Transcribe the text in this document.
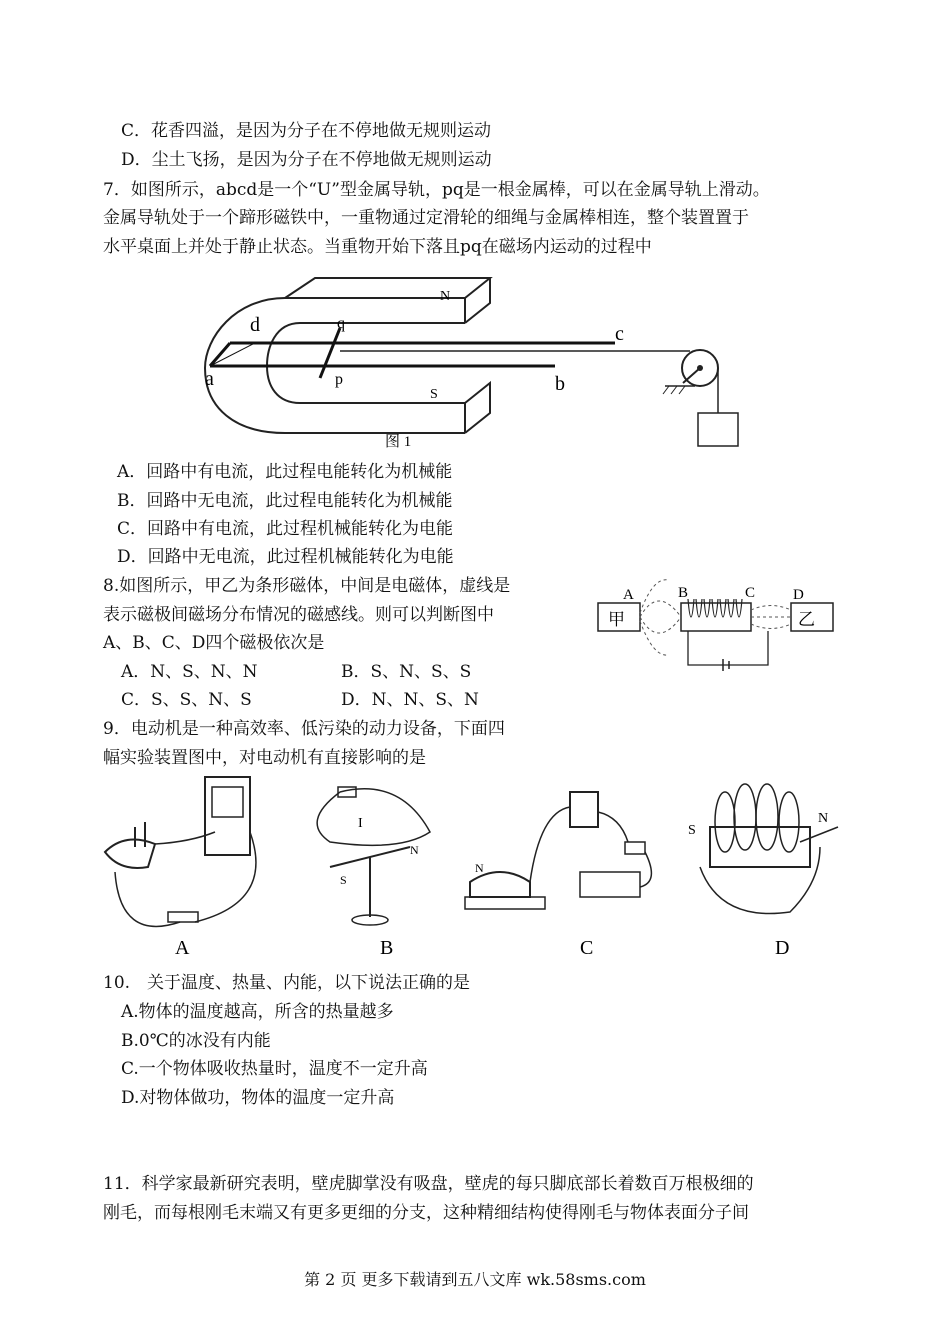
C．花香四溢，是因为分子在不停地做无规则运动
D．尘土飞扬，是因为分子在不停地做无规则运动
7．如图所示，abcd是一个“U”型金属导轨，pq是一根金属棒，可以在金属导轨上滑动。
金属导轨处于一个蹄形磁铁中，一重物通过定滑轮的细绳与金属棒相连，整个装置置于
水平桌面上并处于静止状态。当重物开始下落且pq在磁场内运动的过程中
d
a
c
b
q
p
N
S
图 1
A．回路中有电流，此过程电能转化为机械能
B．回路中无电流，此过程电能转化为机械能
C．回路中有电流，此过程机械能转化为电能
D．回路中无电流，此过程机械能转化为电能
8.如图所示，甲乙为条形磁体，中间是电磁体，虚线是
表示磁极间磁场分布情况的磁感线。则可以判断图中
A、B、C、D四个磁极依次是
A．N、S、N、N	B．S、N、S、S
C．S、S、N、S	D．N、N、S、N
甲	乙
A	B	C	D
9．电动机是一种高效率、低污染的动力设备，下面四
幅实验装置图中，对电动机有直接影响的是
A
I
S
N
B
N
C
S
N
D
10.　关于温度、热量、内能，以下说法正确的是
A.物体的温度越高，所含的热量越多
B.0℃的冰没有内能
C.一个物体吸收热量时，温度不一定升高
D.对物体做功，物体的温度一定升高
11．科学家最新研究表明，壁虎脚掌没有吸盘，壁虎的每只脚底部长着数百万根极细的
刚毛，而每根刚毛末端又有更多更细的分支，这种精细结构使得刚毛与物体表面分子间
第 2 页 更多下载请到五八文库 wk.58sms.com
